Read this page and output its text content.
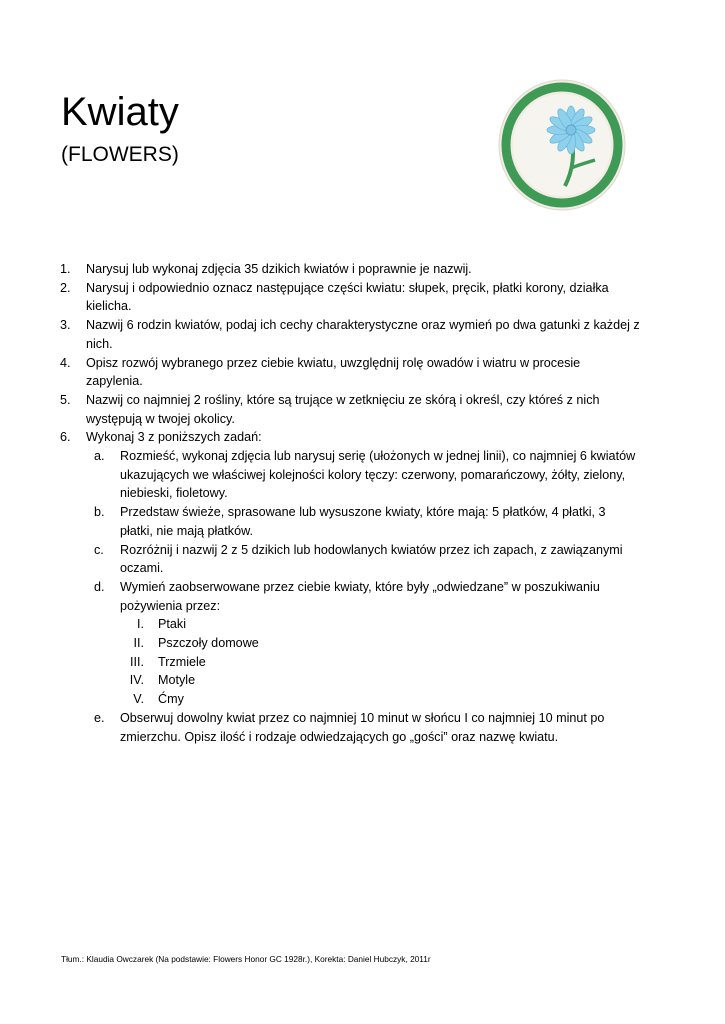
Kwiaty
(FLOWERS)
1. Narysuj lub wykonaj zdjęcia 35 dzikich kwiatów i poprawnie je nazwij.
2. Narysuj i odpowiednio oznacz następujące części kwiatu: słupek, pręcik, płatki korony, działka kielicha.
3. Nazwij 6 rodzin kwiatów, podaj ich cechy charakterystyczne oraz wymień po dwa gatunki z każdej z nich.
4. Opisz rozwój wybranego przez ciebie kwiatu, uwzględnij rolę owadów i wiatru w procesie zapylenia.
5. Nazwij co najmniej 2 rośliny, które są trujące w zetknięciu ze skórą i określ, czy któreś z nich występują w twojej okolicy.
6. Wykonaj 3 z poniższych zadań:
a. Rozmieść, wykonaj zdjęcia lub narysuj serię (ułożonych w jednej linii), co najmniej 6 kwiatów ukazujących we właściwej kolejności kolory tęczy: czerwony, pomarańczowy, żółty, zielony, niebieski, fioletowy.
b. Przedstaw świeże, sprasowane lub wysuszone kwiaty, które mają: 5 płatków, 4 płatki, 3 płatki, nie mają płatków.
c. Rozróżnij i nazwij 2 z 5 dzikich lub hodowlanych kwiatów przez ich zapach, z zawiązanymi oczami.
d. Wymień zaobserwowane przez ciebie kwiaty, które były „odwiedzane” w poszukiwaniu pożywienia przez:
I. Ptaki
II. Pszczoły domowe
III. Trzmiele
IV. Motyle
V. Ćmy
e. Obserwuj dowolny kwiat przez co najmniej 10 minut w słońcu I co najmniej 10 minut po zmierzchu. Opisz ilość i rodzaje odwiedzających go „gości” oraz nazwę kwiatu.
Tłum.: Klaudia Owczarek (Na podstawie: Flowers Honor GC 1928r.), Korekta: Daniel Hubczyk, 2011r
